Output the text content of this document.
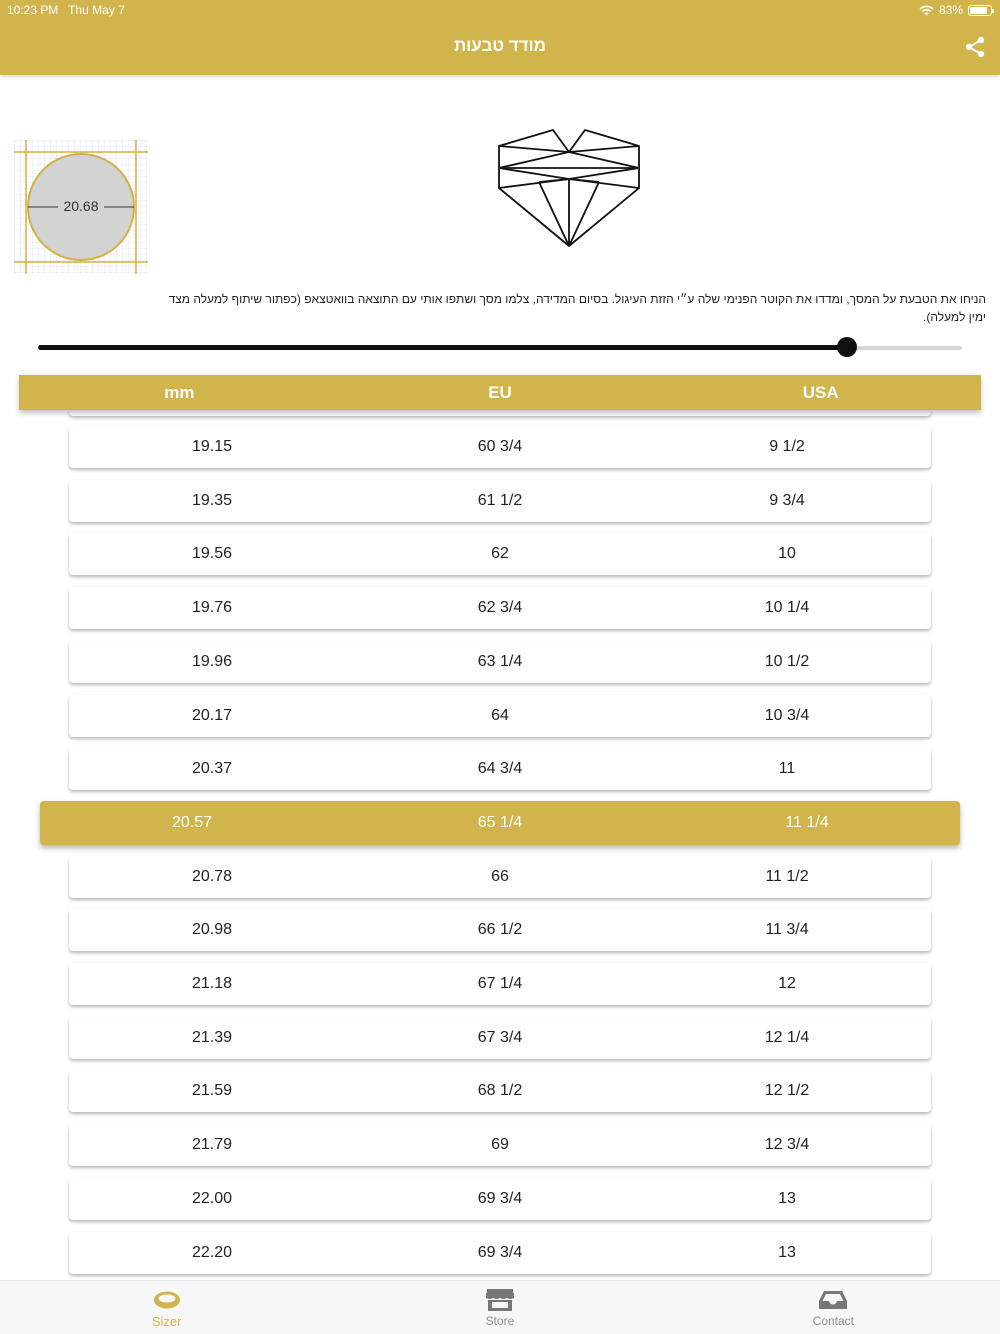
10:23 PM Thu May 7	83%
מודד טבעות
20.68
הניחו את הטבעת על המסך, ומדדו את הקוטר הפנימי שלה ע״י הזזת העיגול. בסיום המדידה, צלמו מסך ושתפו אותי עם התוצאה בוואטצאפ (כפתור שיתוף למעלה מצד ימין למעלה).
mm	EU	USA
19.15	60 3/4	9 1/2
19.35	61 1/2	9 3/4
19.56	62	10
19.76	62 3/4	10 1/4
19.96	63 1/4	10 1/2
20.17	64	10 3/4
20.37	64 3/4	11
20.57	65 1/4	11 1/4
20.78	66	11 1/2
20.98	66 1/2	11 3/4
21.18	67 1/4	12
21.39	67 3/4	12 1/4
21.59	68 1/2	12 1/2
21.79	69	12 3/4
22.00	69 3/4	13
22.20	69 3/4	13
Sizer	Store	Contact
